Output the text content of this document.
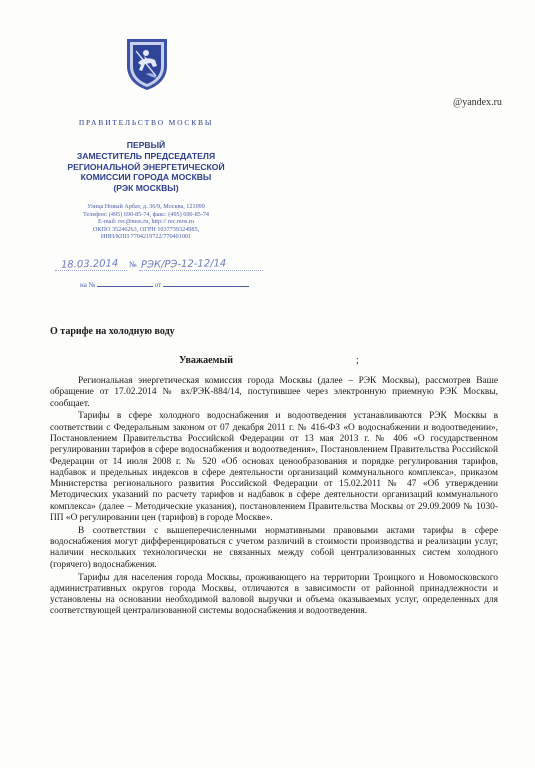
@yandex.ru
ПРАВИТЕЛЬСТВО МОСКВЫ
ПЕРВЫЙ
ЗАМЕСТИТЕЛЬ ПРЕДСЕДАТЕЛЯ
РЕГИОНАЛЬНОЙ ЭНЕРГЕТИЧЕСКОЙ
КОМИССИИ ГОРОДА МОСКВЫ
(РЭК МОСКВЫ)
Улица Новый Арбат, д. 36/9, Москва, 121099
Телефон: (495) 690-85-74, факс: (495) 690-85-74
E-mail: rec@mos.ru, http:// rec.mos.ru
ОКПО 35246263, ОГРН 1037739324985,
ИНН/КПП 7704219722/770401001
18.03.2014 № РЭК/РЭ-12-12/14
на №	от
О тарифе на холодную воду
Уважаемый	;

Региональная энергетическая комиссия города Москвы (далее – РЭК Москвы), рассмотрев Ваше обращение от 17.02.2014 № вх/РЭК-884/14, поступившее через электронную приемную РЭК Москвы, сообщает.

Тарифы в сфере холодного водоснабжения и водоотведения устанавливаются РЭК Москвы в соответствии с Федеральным законом от 07 декабря 2011 г. № 416-ФЗ «О водоснабжении и водоотведении», Постановлением Правительства Российской Федерации от 13 мая 2013 г. № 406 «О государственном регулировании тарифов в сфере водоснабжения и водоотведения», Постановлением Правительства Российской Федерации от 14 июля 2008 г. № 520 «Об основах ценообразования и порядке регулирования тарифов, надбавок и предельных индексов в сфере деятельности организаций коммунального комплекса», приказом Министерства регионального развития Российской Федерации от 15.02.2011 № 47 «Об утверждении Методических указаний по расчету тарифов и надбавок в сфере деятельности организаций коммунального комплекса» (далее – Методические указания), постановлением Правительства Москвы от 29.09.2009 № 1030-ПП «О регулировании цен (тарифов) в городе Москве».

В соответствии с вышеперечисленными нормативными правовыми актами тарифы в сфере водоснабжения могут дифференцироваться с учетом различий в стоимости производства и реализации услуг, наличии нескольких технологически не связанных между собой централизованных систем холодного (горячего) водоснабжения.

Тарифы для населения города Москвы, проживающего на территории Троицкого и Новомосковского административных округов города Москвы, отличаются в зависимости от районной принадлежности и установлены на основании необходимой валовой выручки и объема оказываемых услуг, определенных для соответствующей централизованной системы водоснабжения и водоотведения.
